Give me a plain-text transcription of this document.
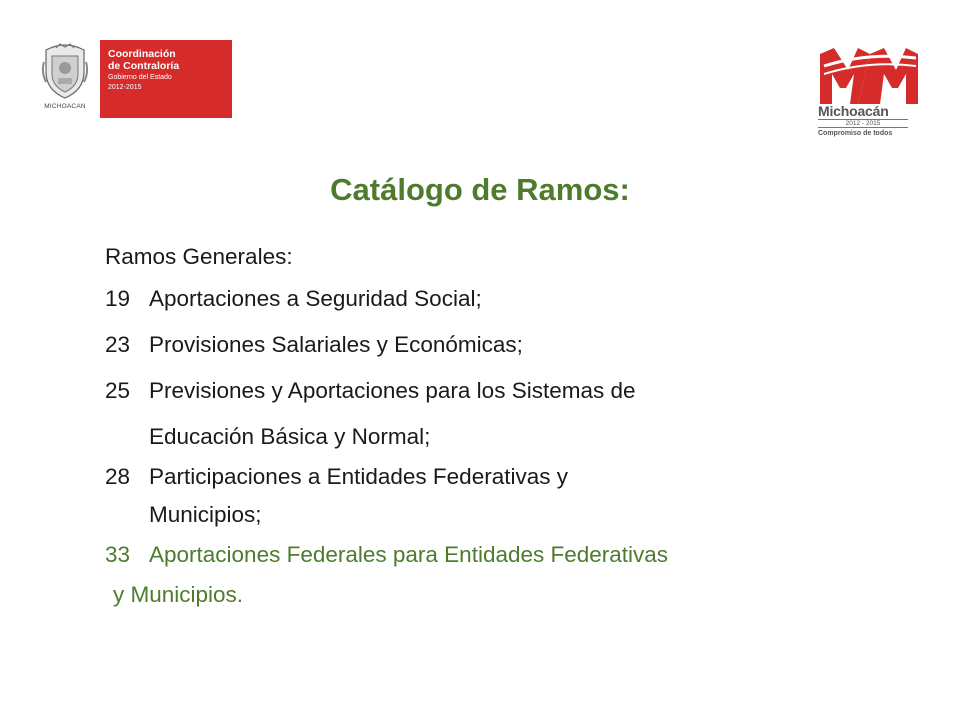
MICHOACAN
Coordinación
de Contraloría
Gobierno del Estado
2012-2015
Michoacán
2012 - 2015
Compromiso de todos
Catálogo de Ramos:
Ramos Generales:
19 Aportaciones a Seguridad Social;
23 Provisiones Salariales y Económicas;
25 Previsiones y Aportaciones para los Sistemas de
Educación Básica y Normal;
28 Participaciones a Entidades Federativas y
Municipios;
33 Aportaciones Federales para Entidades Federativas
y Municipios.
